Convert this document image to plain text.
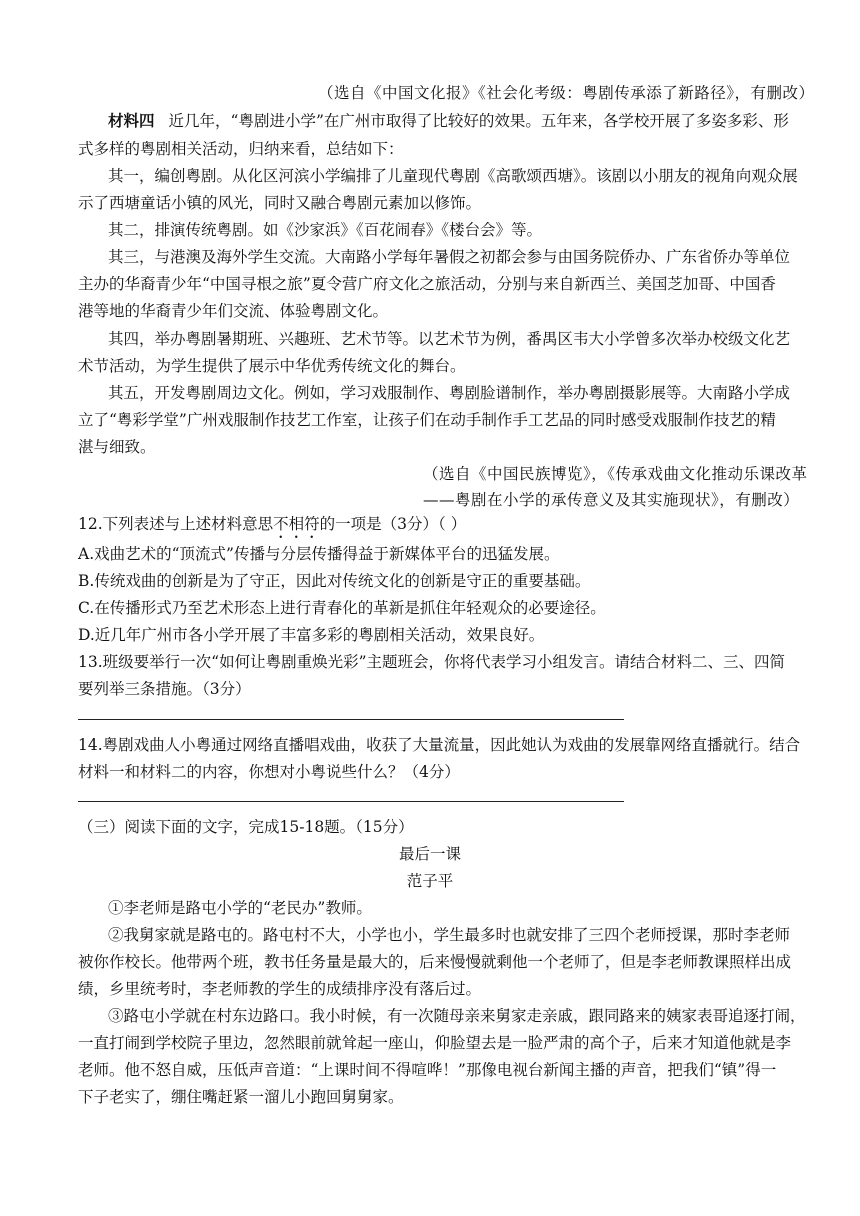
（选自《中国文化报》《社会化考级：粤剧传承添了新路径》，有删改）
材料四 近几年，“粤剧进小学”在广州市取得了比较好的效果。五年来，各学校开展了多姿多彩、形
式多样的粤剧相关活动，归纳来看，总结如下：
其一，编创粤剧。从化区河滨小学编排了儿童现代粤剧《高歌颂西塘》。该剧以小朋友的视角向观众展
示了西塘童话小镇的风光，同时又融合粤剧元素加以修饰。
其二，排演传统粤剧。如《沙家浜》《百花闹春》《楼台会》等。
其三，与港澳及海外学生交流。大南路小学每年暑假之初都会参与由国务院侨办、广东省侨办等单位
主办的华裔青少年“中国寻根之旅”夏令营广府文化之旅活动，分别与来自新西兰、美国芝加哥、中国香
港等地的华裔青少年们交流、体验粤剧文化。
其四，举办粤剧暑期班、兴趣班、艺术节等。以艺术节为例，番禺区韦大小学曾多次举办校级文化艺
术节活动，为学生提供了展示中华优秀传统文化的舞台。
其五，开发粤剧周边文化。例如，学习戏服制作、粤剧脸谱制作，举办粤剧摄影展等。大南路小学成
立了“粤彩学堂”广州戏服制作技艺工作室，让孩子们在动手制作手工艺品的同时感受戏服制作技艺的精
湛与细致。
（选自《中国民族博览》，《传承戏曲文化推动乐课改革
——粤剧在小学的承传意义及其实施现状》，有删改）
12.下列表述与上述材料意思不相符的一项是（3分）（ ）
A.戏曲艺术的“顶流式”传播与分层传播得益于新媒体平台的迅猛发展。
B.传统戏曲的创新是为了守正，因此对传统文化的创新是守正的重要基础。
C.在传播形式乃至艺术形态上进行青春化的革新是抓住年轻观众的必要途径。
D.近几年广州市各小学开展了丰富多彩的粤剧相关活动，效果良好。
13.班级要举行一次“如何让粤剧重焕光彩”主题班会，你将代表学习小组发言。请结合材料二、三、四简
要列举三条措施。（3分）
14.粤剧戏曲人小粤通过网络直播唱戏曲，收获了大量流量，因此她认为戏曲的发展靠网络直播就行。结合
材料一和材料二的内容，你想对小粤说些什么？（4分）
（三）阅读下面的文字，完成15-18题。（15分）
最后一课
范子平
①李老师是路屯小学的“老民办”教师。
②我舅家就是路屯的。路屯村不大，小学也小，学生最多时也就安排了三四个老师授课，那时李老师
被你作校长。他带两个班，教书任务量是最大的，后来慢慢就剩他一个老师了，但是李老师教课照样出成
绩，乡里统考时，李老师教的学生的成绩排序没有落后过。
③路屯小学就在村东边路口。我小时候，有一次随母亲来舅家走亲戚，跟同路来的姨家表哥追逐打闹，
一直打闹到学校院子里边，忽然眼前就耸起一座山，仰脸望去是一脸严肃的高个子，后来才知道他就是李
老师。他不怒自威，压低声音道：“上课时间不得喧哗！”那像电视台新闻主播的声音，把我们“镇”得一
下子老实了，绷住嘴赶紧一溜儿小跑回舅舅家。
